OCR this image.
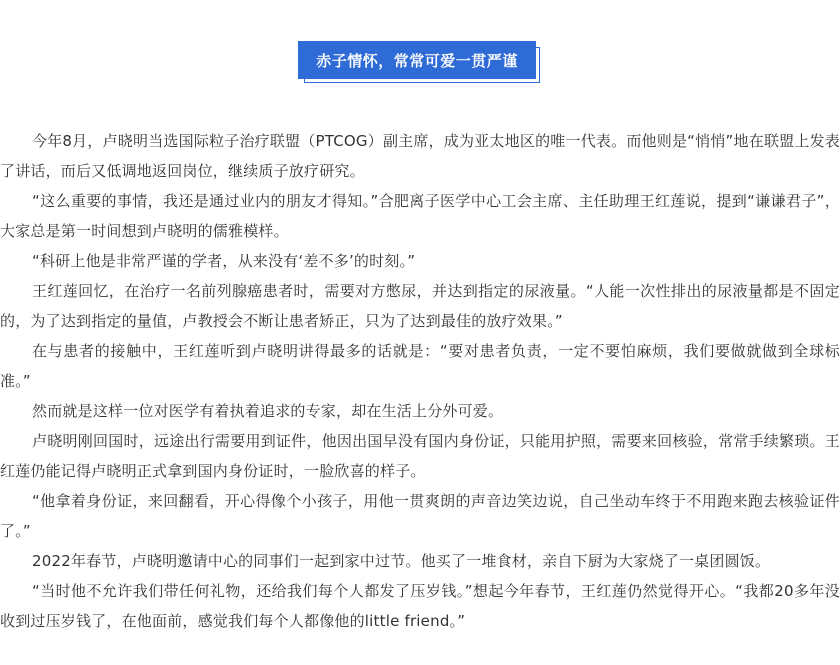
赤子情怀，常常可爱一贯严谨

今年8月，卢晓明当选国际粒子治疗联盟（PTCOG）副主席，成为亚太地区的唯一代表。而他则是“悄悄”地在联盟上发表了讲话，而后又低调地返回岗位，继续质子放疗研究。

“这么重要的事情，我还是通过业内的朋友才得知。”合肥离子医学中心工会主席、主任助理王红莲说，提到“谦谦君子”，大家总是第一时间想到卢晓明的儒雅模样。

“科研上他是非常严谨的学者，从来没有‘差不多’的时刻。”

王红莲回忆，在治疗一名前列腺癌患者时，需要对方憋尿，并达到指定的尿液量。“人能一次性排出的尿液量都是不固定的，为了达到指定的量值，卢教授会不断让患者矫正，只为了达到最佳的放疗效果。”

在与患者的接触中，王红莲听到卢晓明讲得最多的话就是：“要对患者负责，一定不要怕麻烦，我们要做就做到全球标准。”

然而就是这样一位对医学有着执着追求的专家，却在生活上分外可爱。

卢晓明刚回国时，远途出行需要用到证件，他因出国早没有国内身份证，只能用护照，需要来回核验，常常手续繁琐。王红莲仍能记得卢晓明正式拿到国内身份证时，一脸欣喜的样子。

“他拿着身份证，来回翻看，开心得像个小孩子，用他一贯爽朗的声音边笑边说，自己坐动车终于不用跑来跑去核验证件了。”

2022年春节，卢晓明邀请中心的同事们一起到家中过节。他买了一堆食材，亲自下厨为大家烧了一桌团圆饭。

“当时他不允许我们带任何礼物，还给我们每个人都发了压岁钱。”想起今年春节，王红莲仍然觉得开心。“我都20多年没收到过压岁钱了，在他面前，感觉我们每个人都像他的little friend。”
